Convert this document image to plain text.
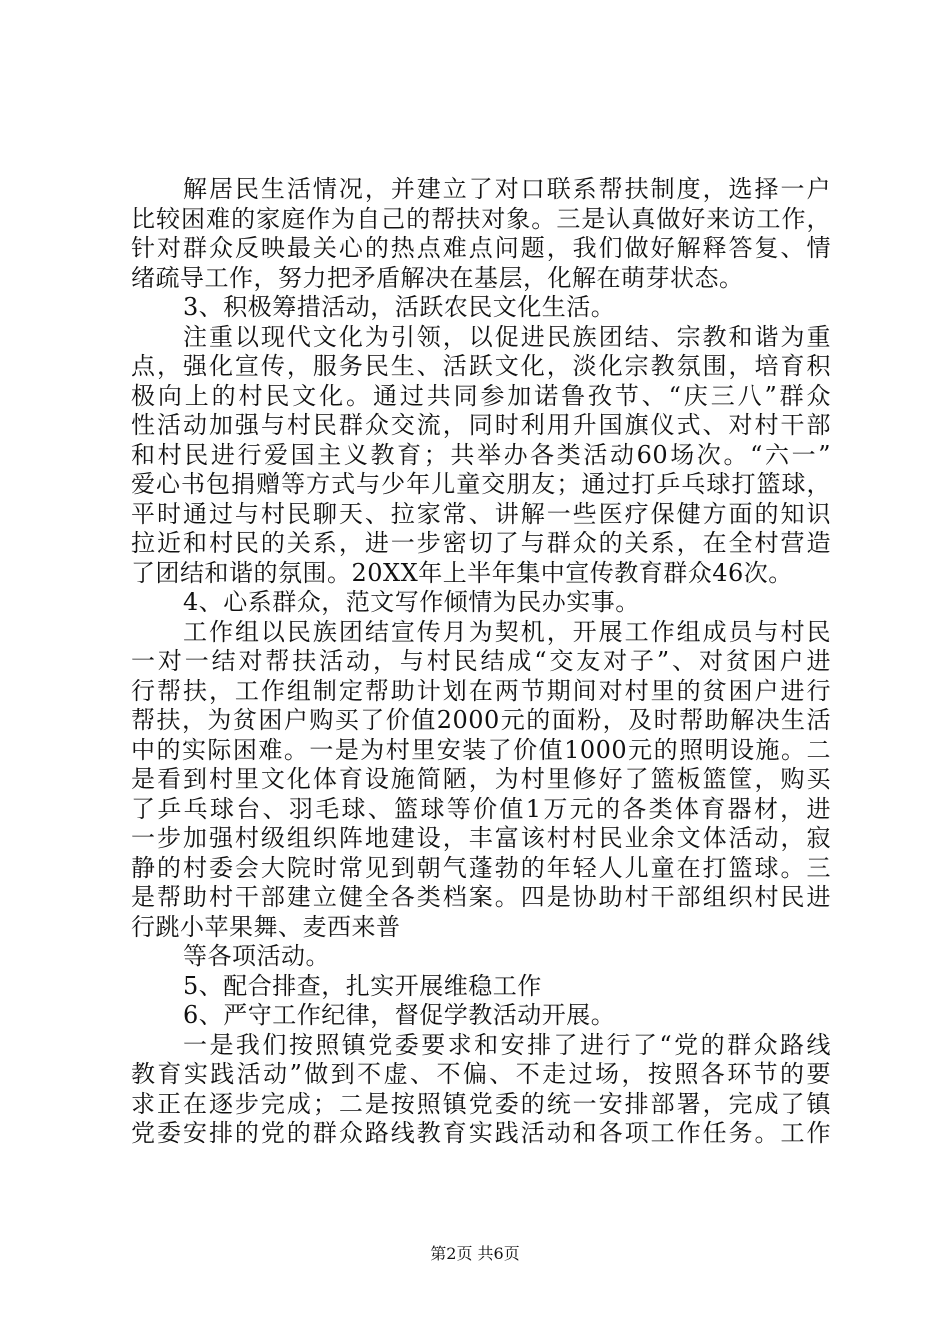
解居民生活情况，并建立了对口联系帮扶制度，选择一户
比较困难的家庭作为自己的帮扶对象。三是认真做好来访工作，
针对群众反映最关心的热点难点问题，我们做好解释答复、情
绪疏导工作，努力把矛盾解决在基层，化解在萌芽状态。
3、积极筹措活动，活跃农民文化生活。
注重以现代文化为引领，以促进民族团结、宗教和谐为重
点，强化宣传，服务民生、活跃文化，淡化宗教氛围，培育积
极向上的村民文化。通过共同参加诺鲁孜节、“庆三八”群众
性活动加强与村民群众交流，同时利用升国旗仪式、对村干部
和村民进行爱国主义教育；共举办各类活动60场次。“六一”
爱心书包捐赠等方式与少年儿童交朋友；通过打乒乓球打篮球，
平时通过与村民聊天、拉家常、讲解一些医疗保健方面的知识
拉近和村民的关系，进一步密切了与群众的关系，在全村营造
了团结和谐的氛围。20XX年上半年集中宣传教育群众46次。
4、心系群众，范文写作倾情为民办实事。
工作组以民族团结宣传月为契机，开展工作组成员与村民
一对一结对帮扶活动，与村民结成“交友对子”、对贫困户进
行帮扶，工作组制定帮助计划在两节期间对村里的贫困户进行
帮扶，为贫困户购买了价值2000元的面粉，及时帮助解决生活
中的实际困难。一是为村里安装了价值1000元的照明设施。二
是看到村里文化体育设施简陋，为村里修好了篮板篮筐，购买
了乒乓球台、羽毛球、篮球等价值1万元的各类体育器材，进
一步加强村级组织阵地建设，丰富该村村民业余文体活动，寂
静的村委会大院时常见到朝气蓬勃的年轻人儿童在打篮球。三
是帮助村干部建立健全各类档案。四是协助村干部组织村民进
行跳小苹果舞、麦西来普
等各项活动。
5、配合排查，扎实开展维稳工作
6、严守工作纪律，督促学教活动开展。
一是我们按照镇党委要求和安排了进行了“党的群众路线
教育实践活动”做到不虚、不偏、不走过场，按照各环节的要
求正在逐步完成；二是按照镇党委的统一安排部署，完成了镇
党委安排的党的群众路线教育实践活动和各项工作任务。工作
第2页 共6页
